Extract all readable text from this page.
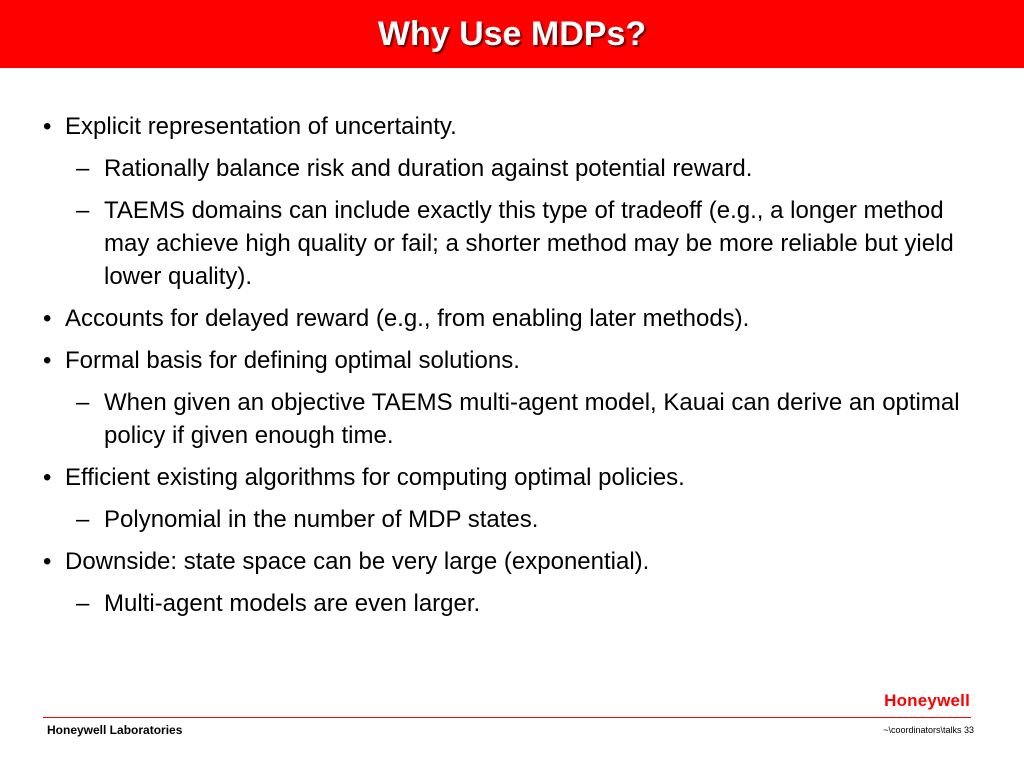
Why Use MDPs?
• Explicit representation of uncertainty.
– Rationally balance risk and duration against potential reward.
– TAEMS domains can include exactly this type of tradeoff (e.g., a longer method may achieve high quality or fail; a shorter method may be more reliable but yield lower quality).
• Accounts for delayed reward (e.g., from enabling later methods).
• Formal basis for defining optimal solutions.
– When given an objective TAEMS multi-agent model, Kauai can derive an optimal policy if given enough time.
• Efficient existing algorithms for computing optimal policies.
– Polynomial in the number of MDP states.
• Downside: state space can be very large (exponential).
– Multi-agent models are even larger.
Honeywell
Honeywell Laboratories	~\coordinators\talks 33
